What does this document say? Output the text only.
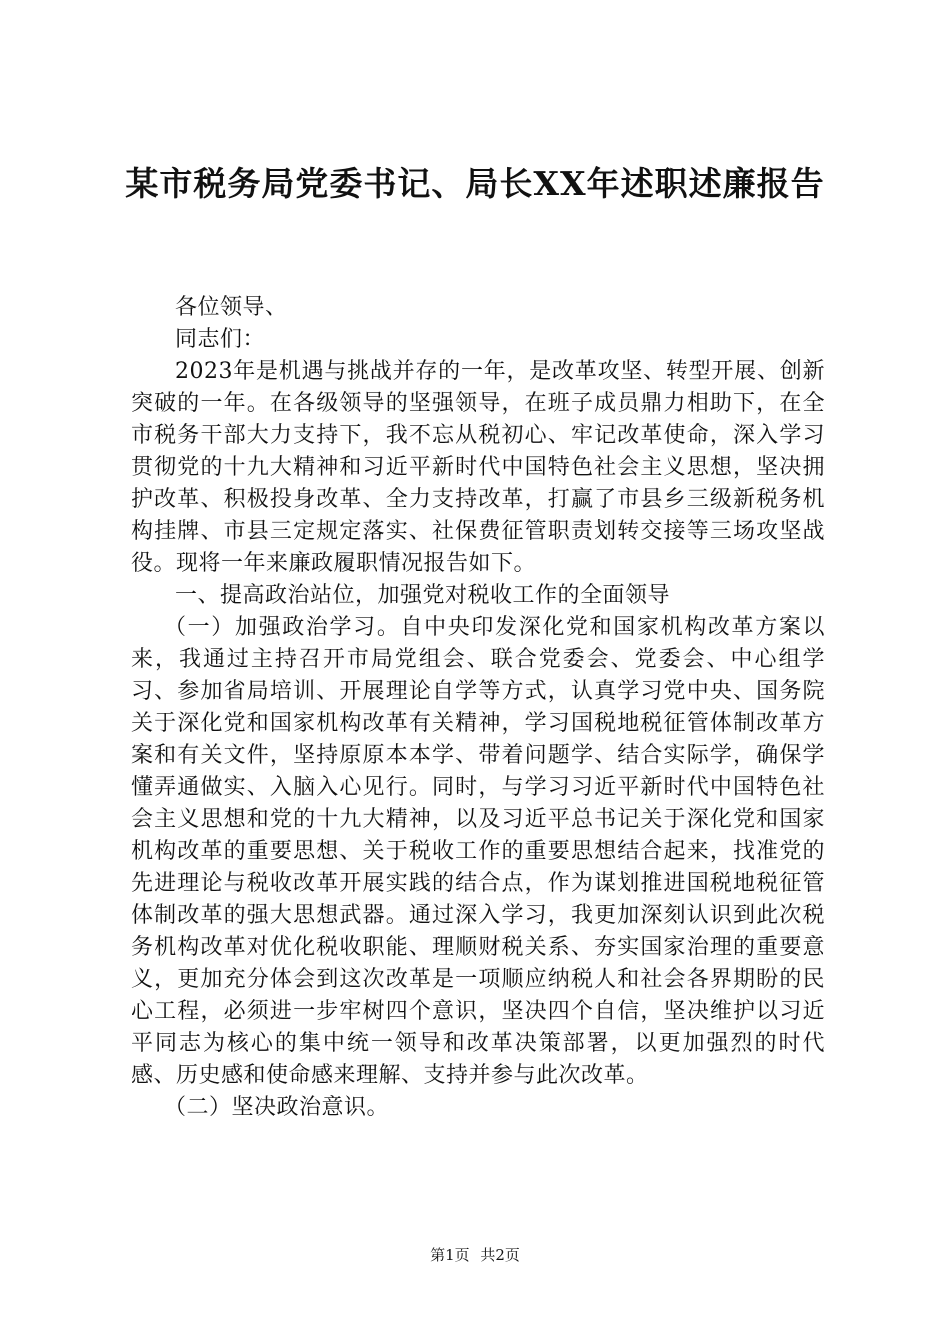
某市税务局党委书记、局长XX年述职述廉报告

各位领导、

同志们：

2023年是机遇与挑战并存的一年，是改革攻坚、转型开展、创新突破的一年。在各级领导的坚强领导，在班子成员鼎力相助下，在全市税务干部大力支持下，我不忘从税初心、牢记改革使命，深入学习贯彻党的十九大精神和习近平新时代中国特色社会主义思想，坚决拥护改革、积极投身改革、全力支持改革，打赢了市县乡三级新税务机构挂牌、市县三定规定落实、社保费征管职责划转交接等三场攻坚战役。现将一年来廉政履职情况报告如下。

一、提高政治站位，加强党对税收工作的全面领导

（一）加强政治学习。自中央印发深化党和国家机构改革方案以来，我通过主持召开市局党组会、联合党委会、党委会、中心组学习、参加省局培训、开展理论自学等方式，认真学习党中央、国务院关于深化党和国家机构改革有关精神，学习国税地税征管体制改革方案和有关文件，坚持原原本本学、带着问题学、结合实际学，确保学懂弄通做实、入脑入心见行。同时，与学习习近平新时代中国特色社会主义思想和党的十九大精神，以及习近平总书记关于深化党和国家机构改革的重要思想、关于税收工作的重要思想结合起来，找准党的先进理论与税收改革开展实践的结合点，作为谋划推进国税地税征管体制改革的强大思想武器。通过深入学习，我更加深刻认识到此次税务机构改革对优化税收职能、理顺财税关系、夯实国家治理的重要意义，更加充分体会到这次改革是一项顺应纳税人和社会各界期盼的民心工程，必须进一步牢树四个意识，坚决四个自信，坚决维护以习近平同志为核心的集中统一领导和改革决策部署，以更加强烈的时代感、历史感和使命感来理解、支持并参与此次改革。

（二）坚决政治意识。

第1页 共2页
